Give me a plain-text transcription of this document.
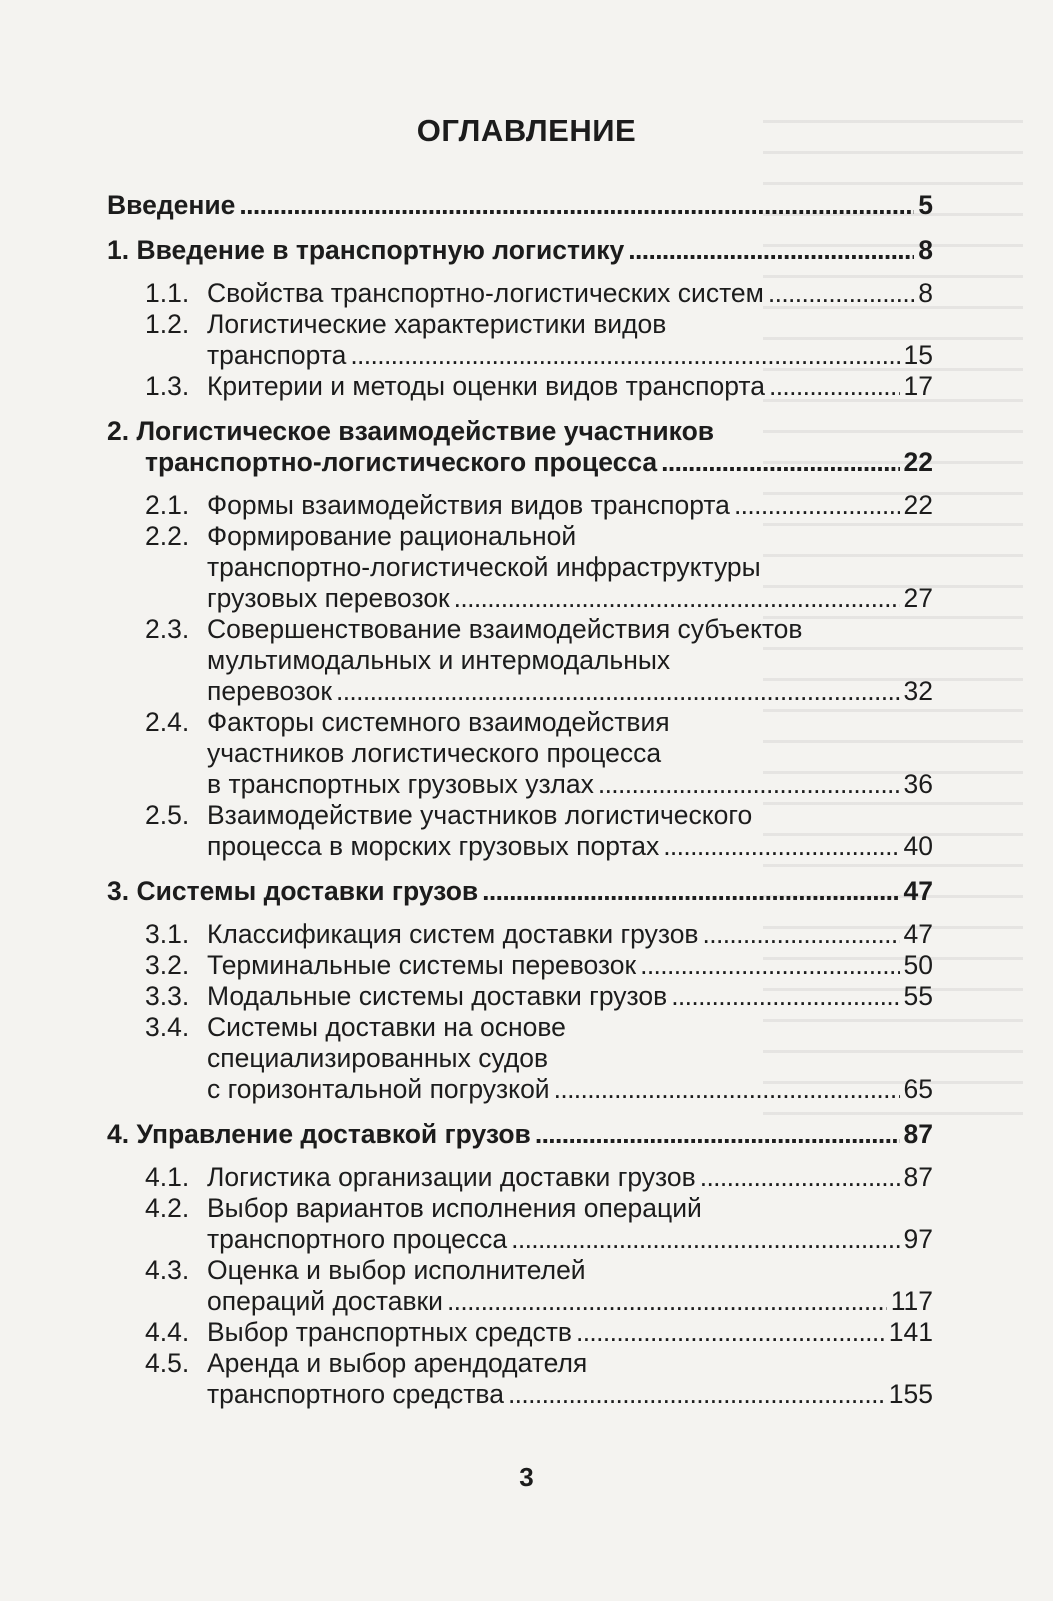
ОГЛАВЛЕНИЕ
Введение . . .	5
1. Введение в транспортную логистику . . .	8
1.1. Свойства транспортно-логистических систем . . .	8
1.2. Логистические характеристики видов
транспорта . . .	15
1.3. Критерии и методы оценки видов транспорта . . .	17
2. Логистическое взаимодействие участников
транспортно-логистического процесса . . .	22
2.1. Формы взаимодействия видов транспорта . . .	22
2.2. Формирование рациональной
транспортно-логистической инфраструктуры
грузовых перевозок . . .	27
2.3. Совершенствование взаимодействия субъектов
мультимодальных и интермодальных
перевозок . . .	32
2.4. Факторы системного взаимодействия
участников логистического процесса
в транспортных грузовых узлах . . .	36
2.5. Взаимодействие участников логистического
процесса в морских грузовых портах . . .	40
3. Системы доставки грузов . . .	47
3.1. Классификация систем доставки грузов . . .	47
3.2. Терминальные системы перевозок . . .	50
3.3. Модальные системы доставки грузов . . .	55
3.4. Системы доставки на основе
специализированных судов
с горизонтальной погрузкой . . .	65
4. Управление доставкой грузов . . .	87
4.1. Логистика организации доставки грузов . . .	87
4.2. Выбор вариантов исполнения операций
транспортного процесса . . .	97
4.3. Оценка и выбор исполнителей
операций доставки . . .	117
4.4. Выбор транспортных средств . . .	141
4.5. Аренда и выбор арендодателя
транспортного средства . . .	155
3
